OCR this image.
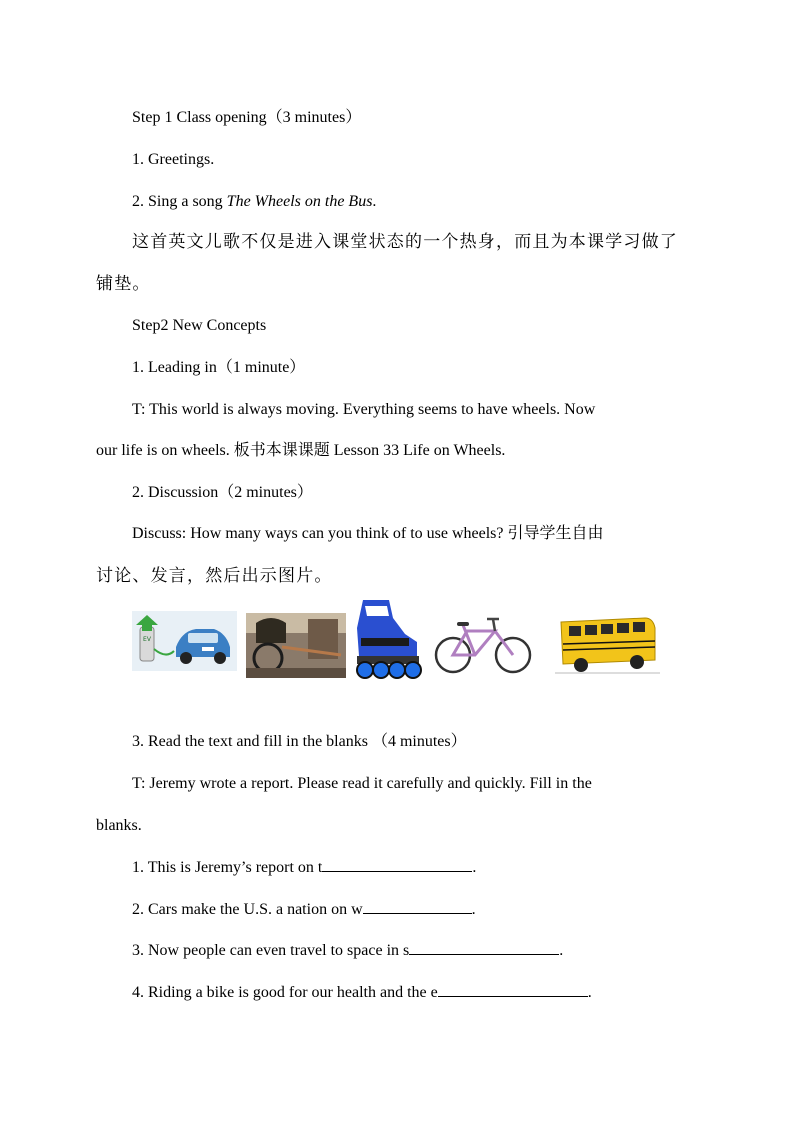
Step 1 Class opening（3 minutes）
1. Greetings.
2. Sing a song The Wheels on the Bus.
这首英文儿歌不仅是进入课堂状态的一个热身，而且为本课学习做了
铺垫。
Step2 New Concepts
1. Leading in（1 minute）
T: This world is always moving. Everything seems to have wheels. Now
our life is on wheels. 板书本课课题 Lesson 33 Life on Wheels.
2. Discussion（2 minutes）
Discuss: How many ways can you think of to use wheels? 引导学生自由
讨论、发言，然后出示图片。
EV
3. Read the text and fill in the blanks （4 minutes）
T: Jeremy wrote a report. Please read it carefully and quickly. Fill in the
blanks.
1. This is Jeremy’s report on t	.
2. Cars make the U.S. a nation on w	.
3. Now people can even travel to space in s	.
4. Riding a bike is good for our health and the e	.
